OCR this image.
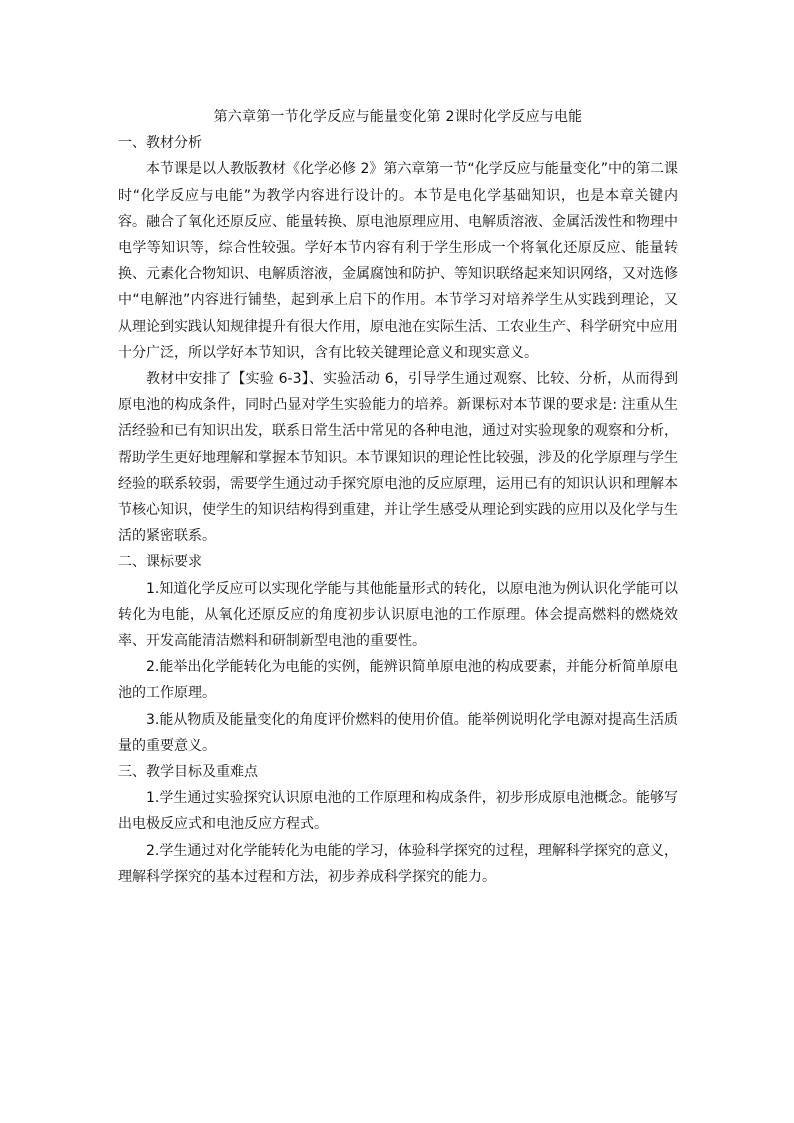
第六章第一节化学反应与能量变化第 2课时化学反应与电能

一、教材分析

本节课是以人教版教材《化学必修 2》第六章第一节“化学反应与能量变化”中的第二课时“化学反应与电能”为教学内容进行设计的。本节是电化学基础知识，也是本章关键内容。融合了氧化还原反应、能量转换、原电池原理应用、电解质溶液、金属活泼性和物理中电学等知识等，综合性较强。学好本节内容有利于学生形成一个将氧化还原反应、能量转换、元素化合物知识、电解质溶液，金属腐蚀和防护、等知识联络起来知识网络，又对选修中“电解池”内容进行铺垫，起到承上启下的作用。本节学习对培养学生从实践到理论，又从理论到实践认知规律提升有很大作用，原电池在实际生活、工农业生产、科学研究中应用十分广泛，所以学好本节知识，含有比较关键理论意义和现实意义。

教材中安排了【实验 6-3】、实验活动 6，引导学生通过观察、比较、分析，从而得到原电池的构成条件，同时凸显对学生实验能力的培养。新课标对本节课的要求是: 注重从生活经验和已有知识出发，联系日常生活中常见的各种电池，通过对实验现象的观察和分析，帮助学生更好地理解和掌握本节知识。本节课知识的理论性比较强，涉及的化学原理与学生经验的联系较弱，需要学生通过动手探究原电池的反应原理，运用已有的知识认识和理解本节核心知识，使学生的知识结构得到重建，并让学生感受从理论到实践的应用以及化学与生活的紧密联系。

二、课标要求

1.知道化学反应可以实现化学能与其他能量形式的转化，以原电池为例认识化学能可以转化为电能，从氧化还原反应的角度初步认识原电池的工作原理。体会提高燃料的燃烧效率、开发高能清洁燃料和研制新型电池的重要性。

2.能举出化学能转化为电能的实例，能辨识简单原电池的构成要素，并能分析简单原电池的工作原理。

3.能从物质及能量变化的角度评价燃料的使用价值。能举例说明化学电源对提高生活质量的重要意义。

三、教学目标及重难点

1.学生通过实验探究认识原电池的工作原理和构成条件，初步形成原电池概念。能够写出电极反应式和电池反应方程式。

2.学生通过对化学能转化为电能的学习，体验科学探究的过程，理解科学探究的意义，理解科学探究的基本过程和方法，初步养成科学探究的能力。
